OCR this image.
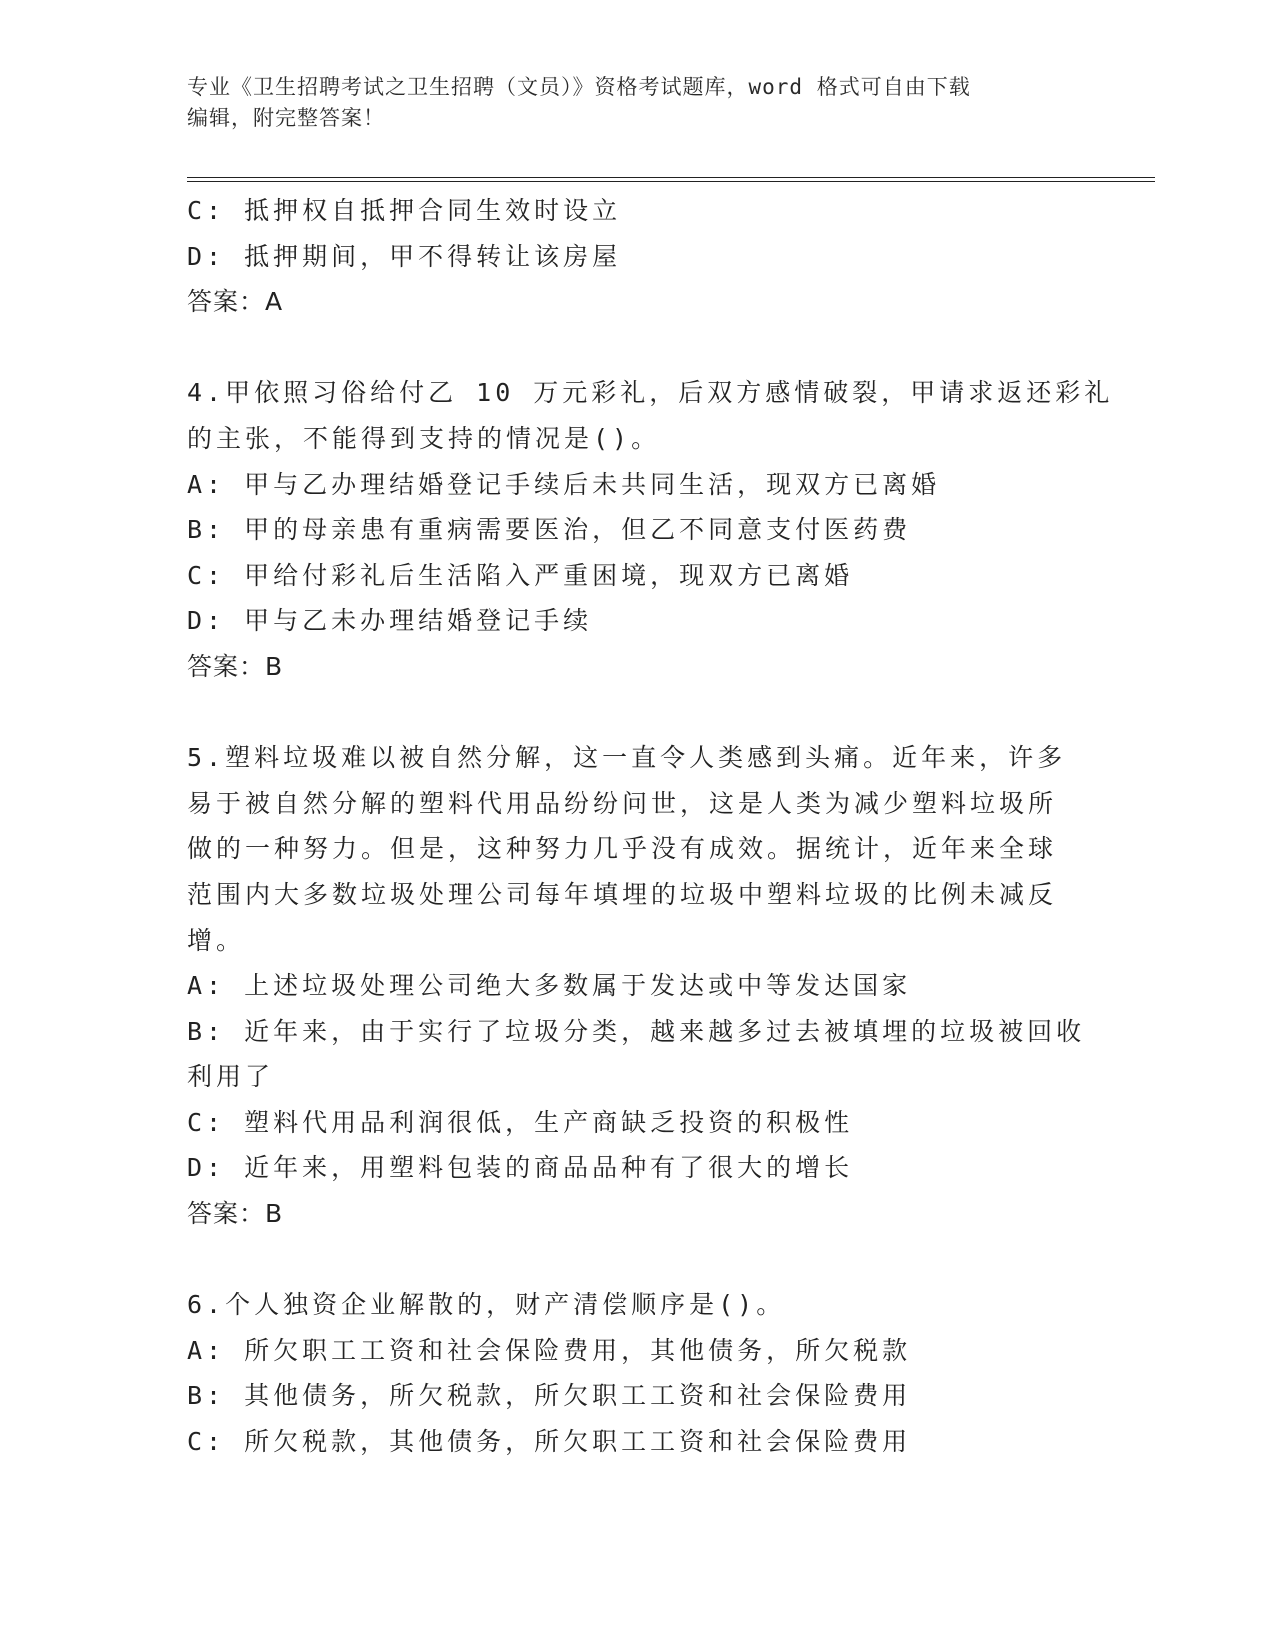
专业《卫生招聘考试之卫生招聘（文员）》资格考试题库，word 格式可自由下载
编辑，附完整答案！
C: 抵押权自抵押合同生效时设立
D: 抵押期间，甲不得转让该房屋
答案：A
4.甲依照习俗给付乙 10 万元彩礼，后双方感情破裂，甲请求返还彩礼
的主张，不能得到支持的情况是()。
A: 甲与乙办理结婚登记手续后未共同生活，现双方已离婚
B: 甲的母亲患有重病需要医治，但乙不同意支付医药费
C: 甲给付彩礼后生活陷入严重困境，现双方已离婚
D: 甲与乙未办理结婚登记手续
答案：B
5.塑料垃圾难以被自然分解，这一直令人类感到头痛。近年来，许多
易于被自然分解的塑料代用品纷纷问世，这是人类为减少塑料垃圾所
做的一种努力。但是，这种努力几乎没有成效。据统计，近年来全球
范围内大多数垃圾处理公司每年填埋的垃圾中塑料垃圾的比例未减反
增。
A: 上述垃圾处理公司绝大多数属于发达或中等发达国家
B: 近年来，由于实行了垃圾分类，越来越多过去被填埋的垃圾被回收
利用了
C: 塑料代用品利润很低，生产商缺乏投资的积极性
D: 近年来，用塑料包装的商品品种有了很大的增长
答案：B
6.个人独资企业解散的，财产清偿顺序是()。
A: 所欠职工工资和社会保险费用，其他债务，所欠税款
B: 其他债务，所欠税款，所欠职工工资和社会保险费用
C: 所欠税款，其他债务，所欠职工工资和社会保险费用
